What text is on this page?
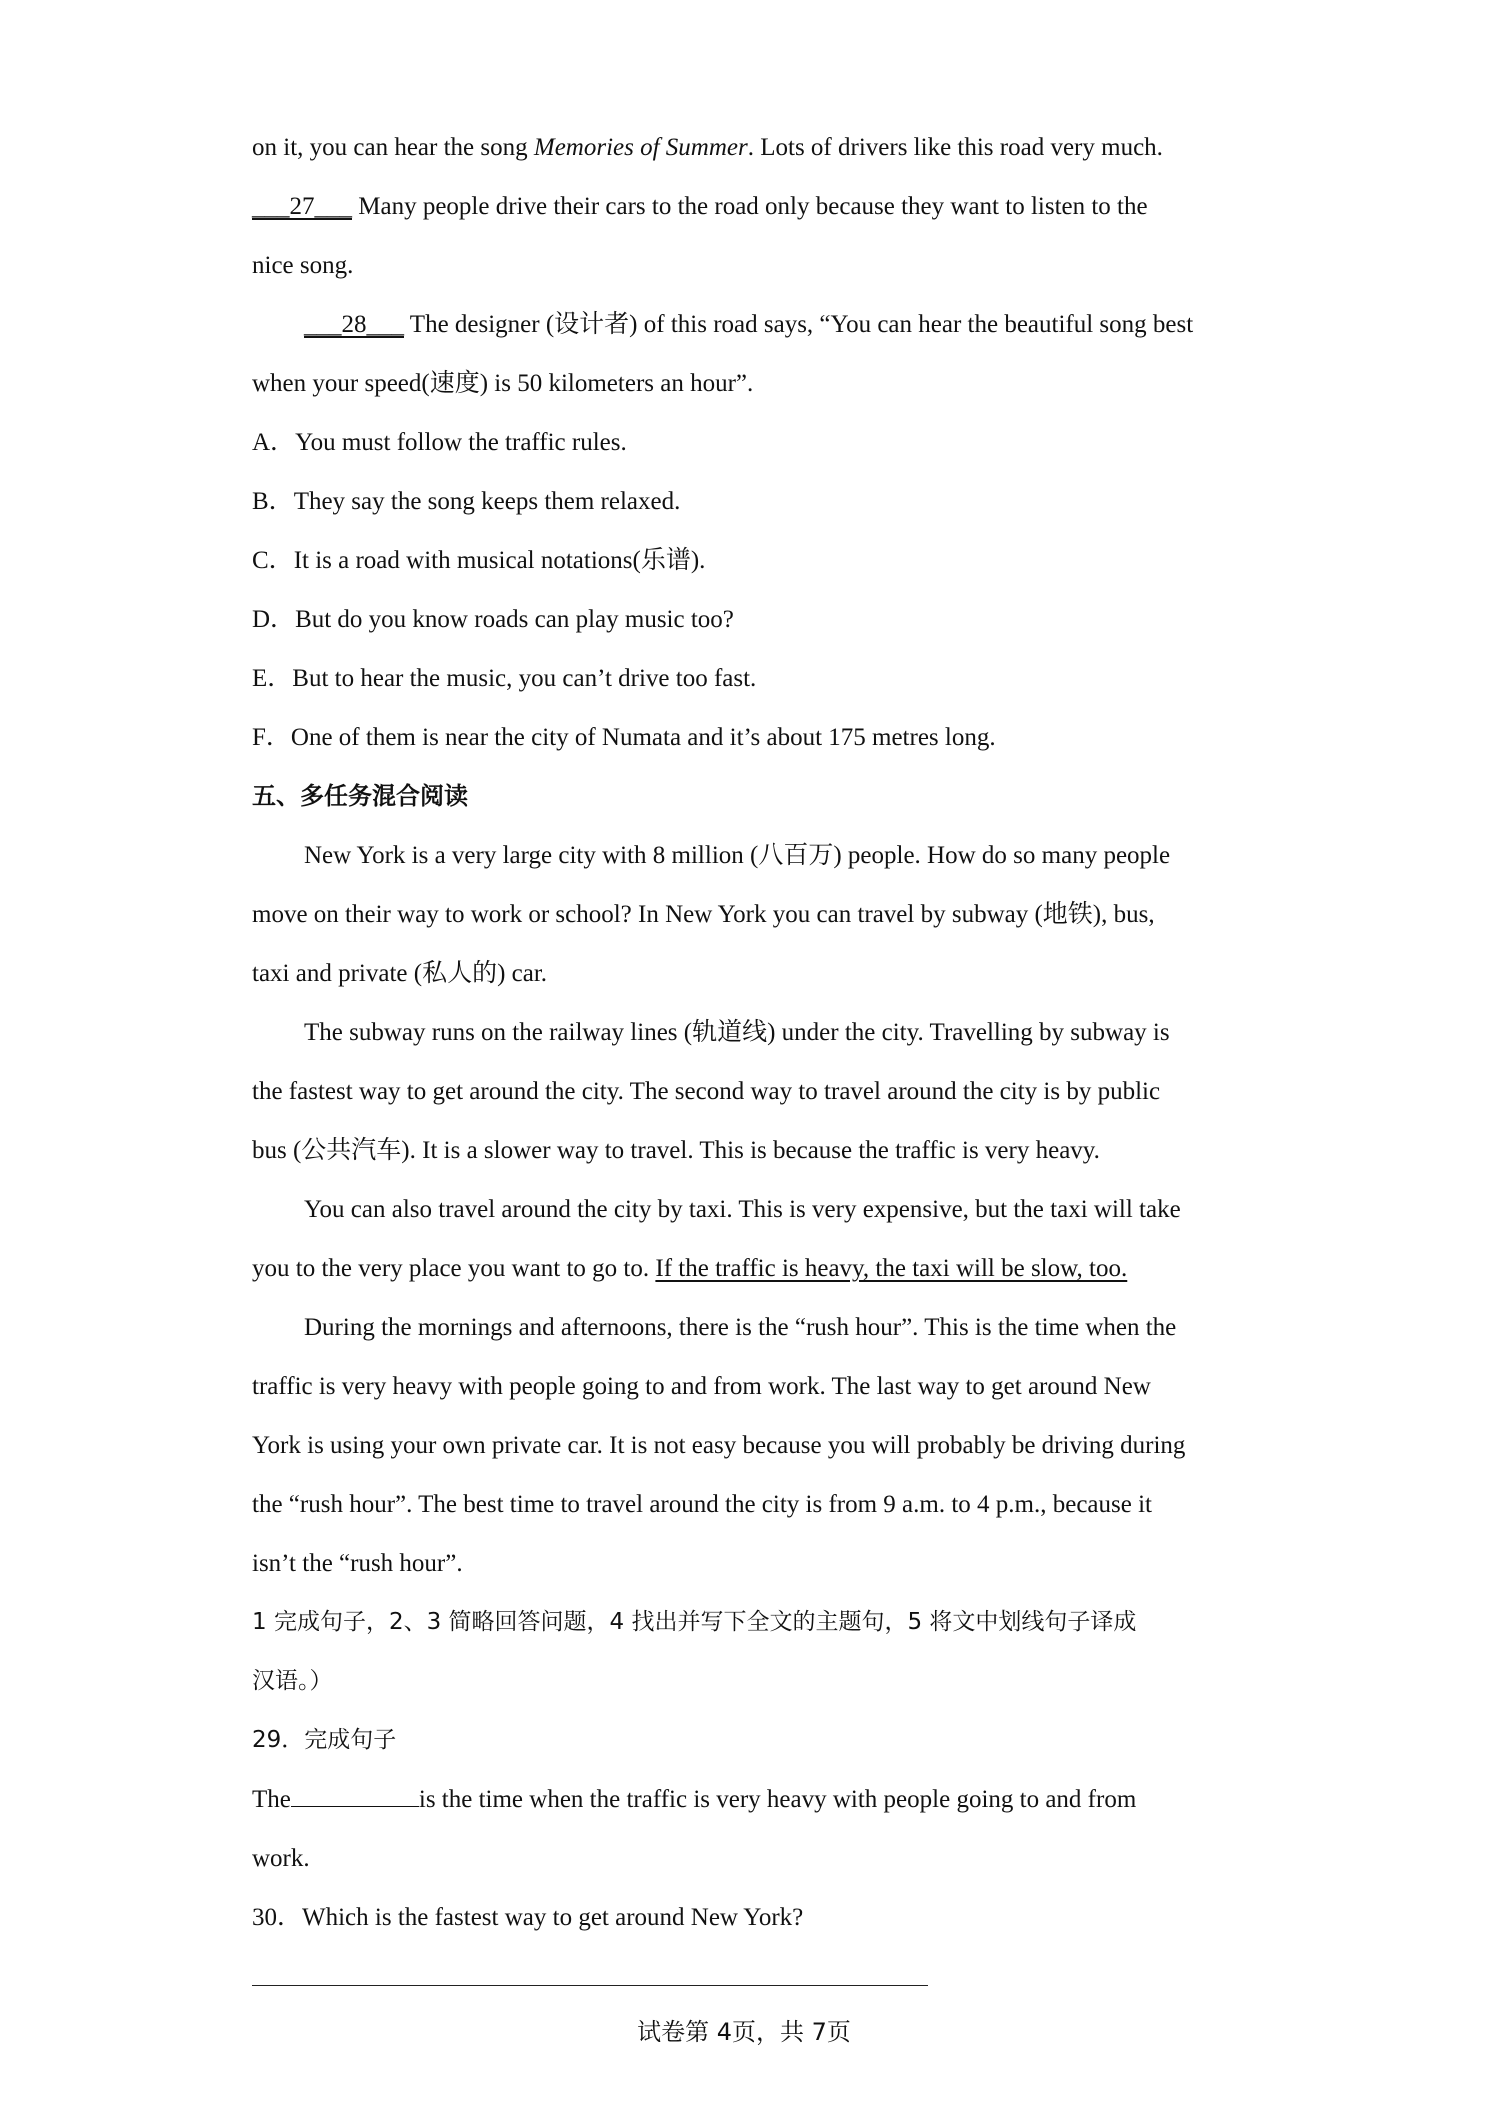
on it, you can hear the song Memories of Summer. Lots of drivers like this road very much.
___27___ Many people drive their cars to the road only because they want to listen to the
nice song.
___28___ The designer (设计者) of this road says, “You can hear the beautiful song best
when your speed(速度) is 50 kilometers an hour”.
A．You must follow the traffic rules.
B．They say the song keeps them relaxed.
C．It is a road with musical notations(乐谱).
D．But do you know roads can play music too?
E．But to hear the music, you can’t drive too fast.
F．One of them is near the city of Numata and it’s about 175 metres long.
五、多任务混合阅读
New York is a very large city with 8 million (八百万) people. How do so many people
move on their way to work or school? In New York you can travel by subway (地铁), bus,
taxi and private (私人的) car.
The subway runs on the railway lines (轨道线) under the city. Travelling by subway is
the fastest way to get around the city. The second way to travel around the city is by public
bus (公共汽车). It is a slower way to travel. This is because the traffic is very heavy.
You can also travel around the city by taxi. This is very expensive, but the taxi will take
you to the very place you want to go to. If the traffic is heavy, the taxi will be slow, too.
During the mornings and afternoons, there is the “rush hour”. This is the time when the
traffic is very heavy with people going to and from work. The last way to get around New
York is using your own private car. It is not easy because you will probably be driving during
the “rush hour”. The best time to travel around the city is from 9 a.m. to 4 p.m., because it
isn’t the “rush hour”.
1 完成句子，2、3 简略回答问题，4 找出并写下全文的主题句，5 将文中划线句子译成
汉语。）
29．完成句子
The	is the time when the traffic is very heavy with people going to and from
work.
30．Which is the fastest way to get around New York?
试卷第 4页，共 7页
